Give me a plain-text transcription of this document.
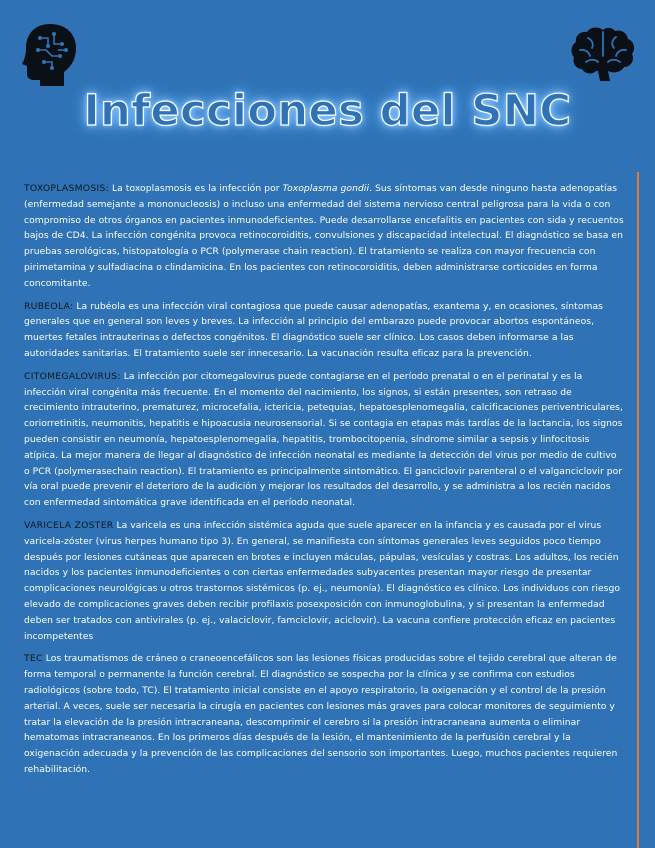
Infecciones del SNC

TOXOPLASMOSIS: La toxoplasmosis es la infección por Toxoplasma gondii. Sus síntomas van desde ninguno hasta adenopatías (enfermedad semejante a mononucleosis) o incluso una enfermedad del sistema nervioso central peligrosa para la vida o con compromiso de otros órganos en pacientes inmunodeficientes. Puede desarrollarse encefalitis en pacientes con sida y recuentos bajos de CD4. La infección congénita provoca retinocoroiditis, convulsiones y discapacidad intelectual. El diagnóstico se basa en pruebas serológicas, histopatología o PCR (polymerase chain reaction). El tratamiento se realiza con mayor frecuencia con pirimetamina y sulfadiacina o clindamicina. En los pacientes con retinocoroiditis, deben administrarse corticoides en forma concomitante.

RUBEOLA: La rubéola es una infección viral contagiosa que puede causar adenopatías, exantema y, en ocasiones, síntomas generales que en general son leves y breves. La infección al principio del embarazo puede provocar abortos espontáneos, muertes fetales intrauterinas o defectos congénitos. El diagnóstico suele ser clínico. Los casos deben informarse a las autoridades sanitarias. El tratamiento suele ser innecesario. La vacunación resulta eficaz para la prevención.

CITOMEGALOVIRUS: La infección por citomegalovirus puede contagiarse en el período prenatal o en el perinatal y es la infección viral congénita más frecuente. En el momento del nacimiento, los signos, si están presentes, son retraso de crecimiento intrauterino, prematurez, microcefalia, ictericia, petequias, hepatoesplenomegalia, calcificaciones periventriculares, coriorretinitis, neumonitis, hepatitis e hipoacusia neurosensorial. Si se contagia en etapas más tardías de la lactancia, los signos pueden consistir en neumonía, hepatoesplenomegalia, hepatitis, trombocitopenia, síndrome similar a sepsis y linfocitosis atípica. La mejor manera de llegar al diagnóstico de infección neonatal es mediante la detección del virus por medio de cultivo o PCR (polymerasechain reaction). El tratamiento es principalmente sintomático. El ganciclovir parenteral o el valganciclovir por vía oral puede prevenir el deterioro de la audición y mejorar los resultados del desarrollo, y se administra a los recién nacidos con enfermedad sintomática grave identificada en el período neonatal.

VARICELA ZOSTER La varicela es una infección sistémica aguda que suele aparecer en la infancia y es causada por el virus varicela-zóster (virus herpes humano tipo 3). En general, se manifiesta con síntomas generales leves seguidos poco tiempo después por lesiones cutáneas que aparecen en brotes e incluyen máculas, pápulas, vesículas y costras. Los adultos, los recién nacidos y los pacientes inmunodeficientes o con ciertas enfermedades subyacentes presentan mayor riesgo de presentar complicaciones neurológicas u otros trastornos sistémicos (p. ej., neumonía). El diagnóstico es clínico. Los individuos con riesgo elevado de complicaciones graves deben recibir profilaxis posexposición con inmunoglobulina, y si presentan la enfermedad deben ser tratados con antivirales (p. ej., valaciclovir, famciclovir, aciclovir). La vacuna confiere protección eficaz en pacientes incompetentes

TEC Los traumatismos de cráneo o craneoencefálicos son las lesiones físicas producidas sobre el tejido cerebral que alteran de forma temporal o permanente la función cerebral. El diagnóstico se sospecha por la clínica y se confirma con estudios radiológicos (sobre todo, TC). El tratamiento inicial consiste en el apoyo respiratorio, la oxigenación y el control de la presión arterial. A veces, suele ser necesaria la cirugía en pacientes con lesiones más graves para colocar monitores de seguimiento y tratar la elevación de la presión intracraneana, descomprimir el cerebro si la presión intracraneana aumenta o eliminar hematomas intracraneanos. En los primeros días después de la lesión, el mantenimiento de la perfusión cerebral y la oxigenación adecuada y la prevención de las complicaciones del sensorio son importantes. Luego, muchos pacientes requieren rehabilitación.
